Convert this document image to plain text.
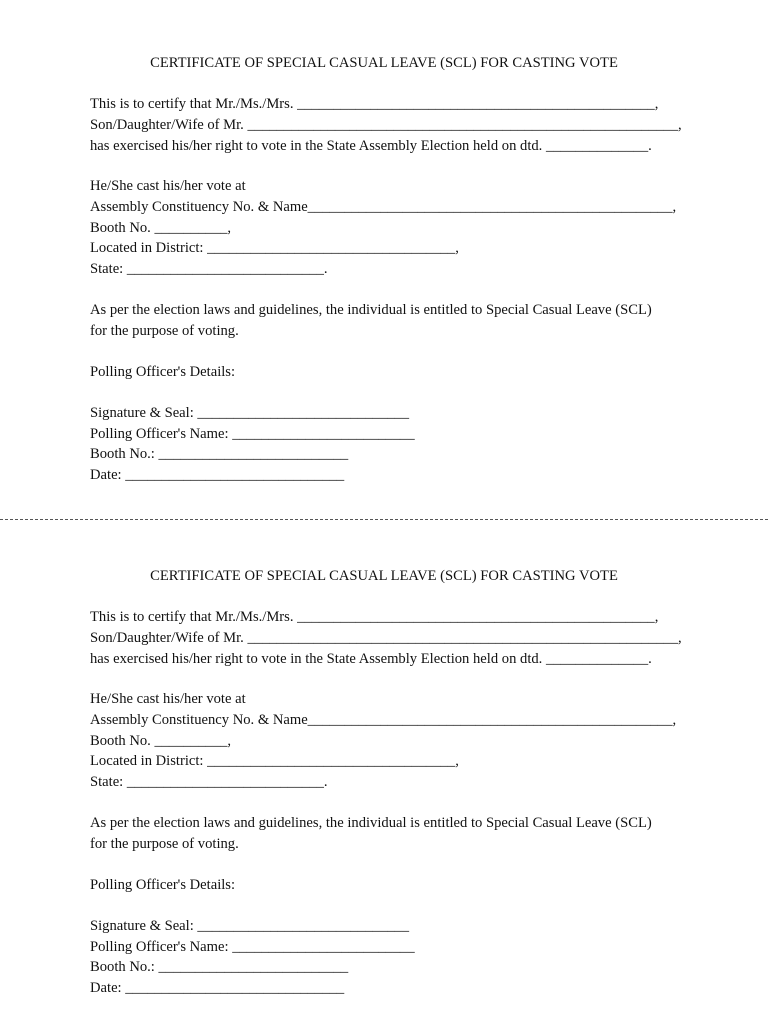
CERTIFICATE OF SPECIAL CASUAL LEAVE (SCL) FOR CASTING VOTE
This is to certify that Mr./Ms./Mrs. _________________________________________________,
Son/Daughter/Wife of Mr. ___________________________________________________________,
has exercised his/her right to vote in the State Assembly Election held on dtd. ______________.
He/She cast his/her vote at
Assembly Constituency No. & Name__________________________________________________,
Booth No. __________,
Located in District: __________________________________,
State: ___________________________.
As per the election laws and guidelines, the individual is entitled to Special Casual Leave (SCL)
for the purpose of voting.
Polling Officer's Details:
Signature & Seal: _____________________________
Polling Officer's Name: _________________________
Booth No.: __________________________
Date: ______________________________
CERTIFICATE OF SPECIAL CASUAL LEAVE (SCL) FOR CASTING VOTE
This is to certify that Mr./Ms./Mrs. _________________________________________________,
Son/Daughter/Wife of Mr. ___________________________________________________________,
has exercised his/her right to vote in the State Assembly Election held on dtd. ______________.
He/She cast his/her vote at
Assembly Constituency No. & Name__________________________________________________,
Booth No. __________,
Located in District: __________________________________,
State: ___________________________.
As per the election laws and guidelines, the individual is entitled to Special Casual Leave (SCL)
for the purpose of voting.
Polling Officer's Details:
Signature & Seal: _____________________________
Polling Officer's Name: _________________________
Booth No.: __________________________
Date: ______________________________
